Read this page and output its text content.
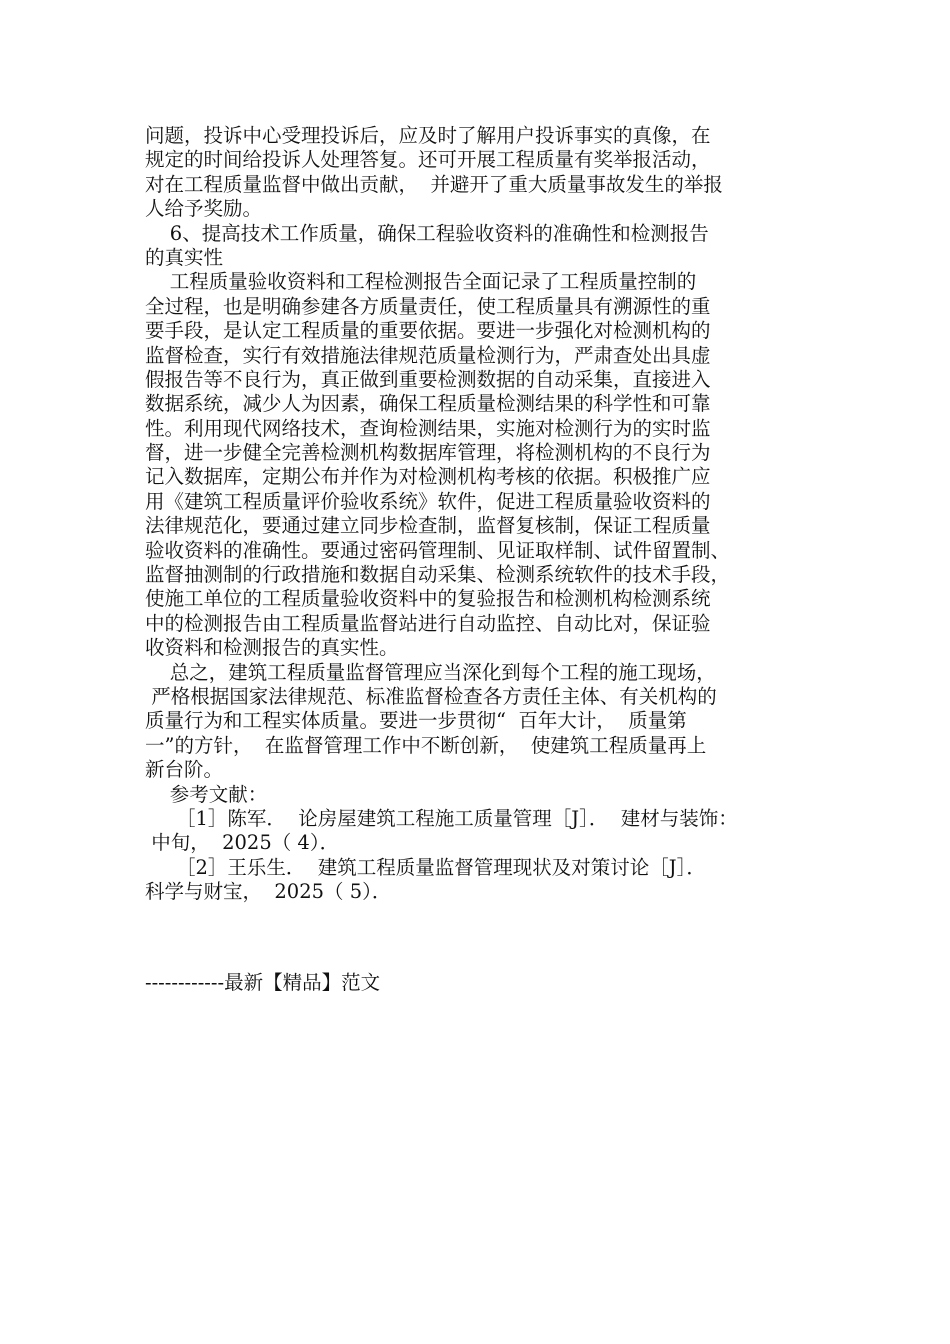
问题，投诉中心受理投诉后，应及时了解用户投诉事实的真像，在
规定的时间给投诉人处理答复。还可开展工程质量有奖举报活动，
对在工程质量监督中做出贡献，  并避开了重大质量事故发生的举报
人给予奖励。
6、提高技术工作质量，确保工程验收资料的准确性和检测报告
的真实性
工程质量验收资料和工程检测报告全面记录了工程质量控制的
全过程，也是明确参建各方质量责任，使工程质量具有溯源性的重
要手段，是认定工程质量的重要依据。要进一步强化对检测机构的
监督检查，实行有效措施法律规范质量检测行为，严肃查处出具虚
假报告等不良行为，真正做到重要检测数据的自动采集，直接进入
数据系统，减少人为因素，确保工程质量检测结果的科学性和可靠
性。利用现代网络技术，查询检测结果，实施对检测行为的实时监
督，进一步健全完善检测机构数据库管理，将检测机构的不良行为
记入数据库，定期公布并作为对检测机构考核的依据。积极推广应
用《建筑工程质量评价验收系统》软件，促进工程质量验收资料的
法律规范化，要通过建立同步检查制，监督复核制，保证工程质量
验收资料的准确性。要通过密码管理制、见证取样制、试件留置制、
监督抽测制的行政措施和数据自动采集、检测系统软件的技术手段，
使施工单位的工程质量验收资料中的复验报告和检测机构检测系统
中的检测报告由工程质量监督站进行自动监控、自动比对，保证验
收资料和检测报告的真实性。
总之，建筑工程质量监督管理应当深化到每个工程的施工现场，
严格根据国家法律规范、标准监督检查各方责任主体、有关机构的
质量行为和工程实体质量。要进一步贯彻“  百年大计，  质量第
一”的方针，  在监督管理工作中不断创新，  使建筑工程质量再上
新台阶。
参考文献：
［1］陈军．  论房屋建筑工程施工质量管理［J］．  建材与装饰：
中旬，  2025（ 4）．
［2］王乐生．  建筑工程质量监督管理现状及对策讨论［J］．
科学与财宝，  2025（ 5）．
------------最新【精品】范文
